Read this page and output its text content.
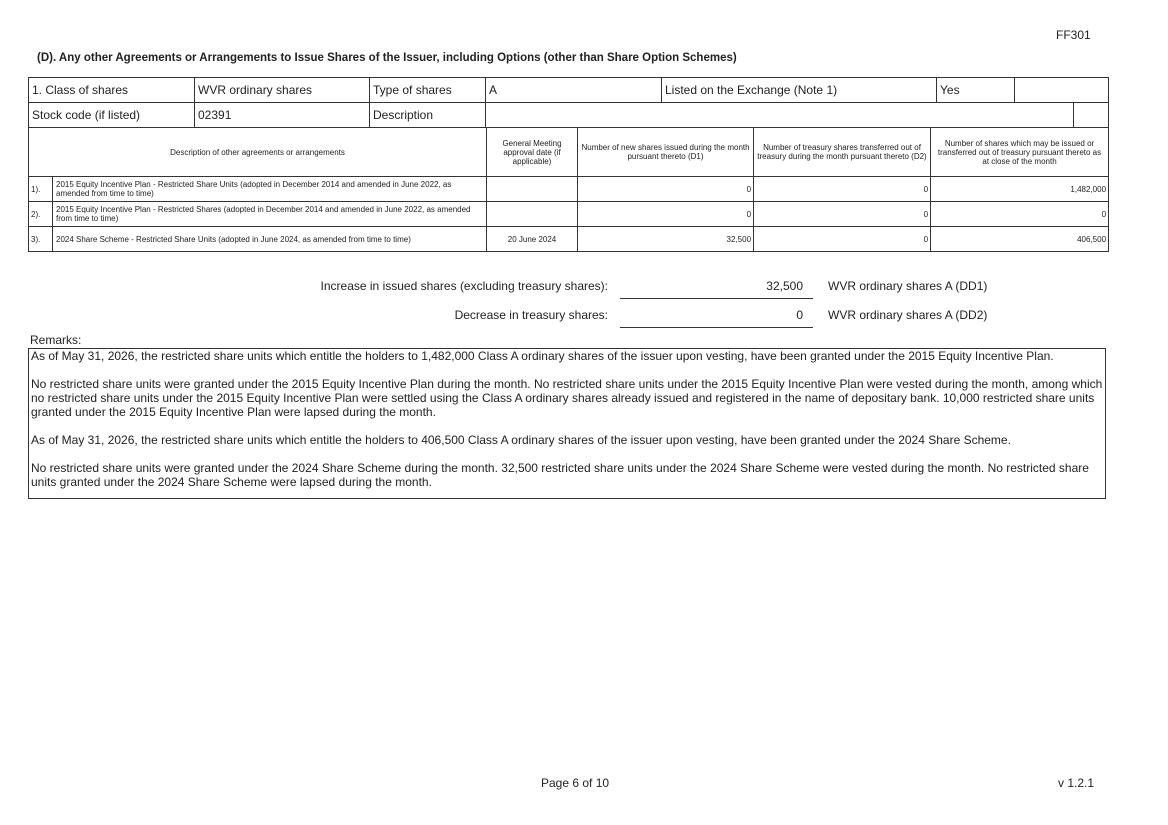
FF301
(D). Any other Agreements or Arrangements to Issue Shares of the Issuer, including Options (other than Share Option Schemes)
1. Class of shares	WVR ordinary shares	Type of shares	A	Listed on the Exchange (Note 1)	Yes		
Stock code (if listed)	02391	Description					
Description of other agreements or arrangements		General Meeting approval date (if applicable)	Number of new shares issued during the month pursuant thereto (D1)	Number of treasury shares transferred out of treasury during the month pursuant thereto (D2)	Number of shares which may be issued or transferred out of treasury pursuant thereto as at close of the month
1).	2015 Equity Incentive Plan - Restricted Share Units (adopted in December 2014 and amended in June 2022, as amended from time to time)		0	0	1,482,000
2).	2015 Equity Incentive Plan - Restricted Shares (adopted in December 2014 and amended in June 2022, as amended from time to time)		0	0	0
3).	2024 Share Scheme - Restricted Share Units (adopted in June 2024, as amended from time to time)	20 June 2024	32,500	0	406,500
Increase in issued shares (excluding treasury shares):	32,500 WVR ordinary shares A (DD1)
Decrease in treasury shares:	0 WVR ordinary shares A (DD2)
Remarks:

As of May 31, 2026, the restricted share units which entitle the holders to 1,482,000 Class A ordinary shares of the issuer upon vesting, have been granted under the 2015 Equity Incentive Plan.

No restricted share units were granted under the 2015 Equity Incentive Plan during the month. No restricted share units under the 2015 Equity Incentive Plan were vested during the month, among which no restricted share units under the 2015 Equity Incentive Plan were settled using the Class A ordinary shares already issued and registered in the name of depositary bank. 10,000 restricted share units granted under the 2015 Equity Incentive Plan were lapsed during the month.

As of May 31, 2026, the restricted share units which entitle the holders to 406,500 Class A ordinary shares of the issuer upon vesting, have been granted under the 2024 Share Scheme.

No restricted share units were granted under the 2024 Share Scheme during the month. 32,500 restricted share units under the 2024 Share Scheme were vested during the month. No restricted share units granted under the 2024 Share Scheme were lapsed during the month.

Page 6 of 10	v 1.2.1
